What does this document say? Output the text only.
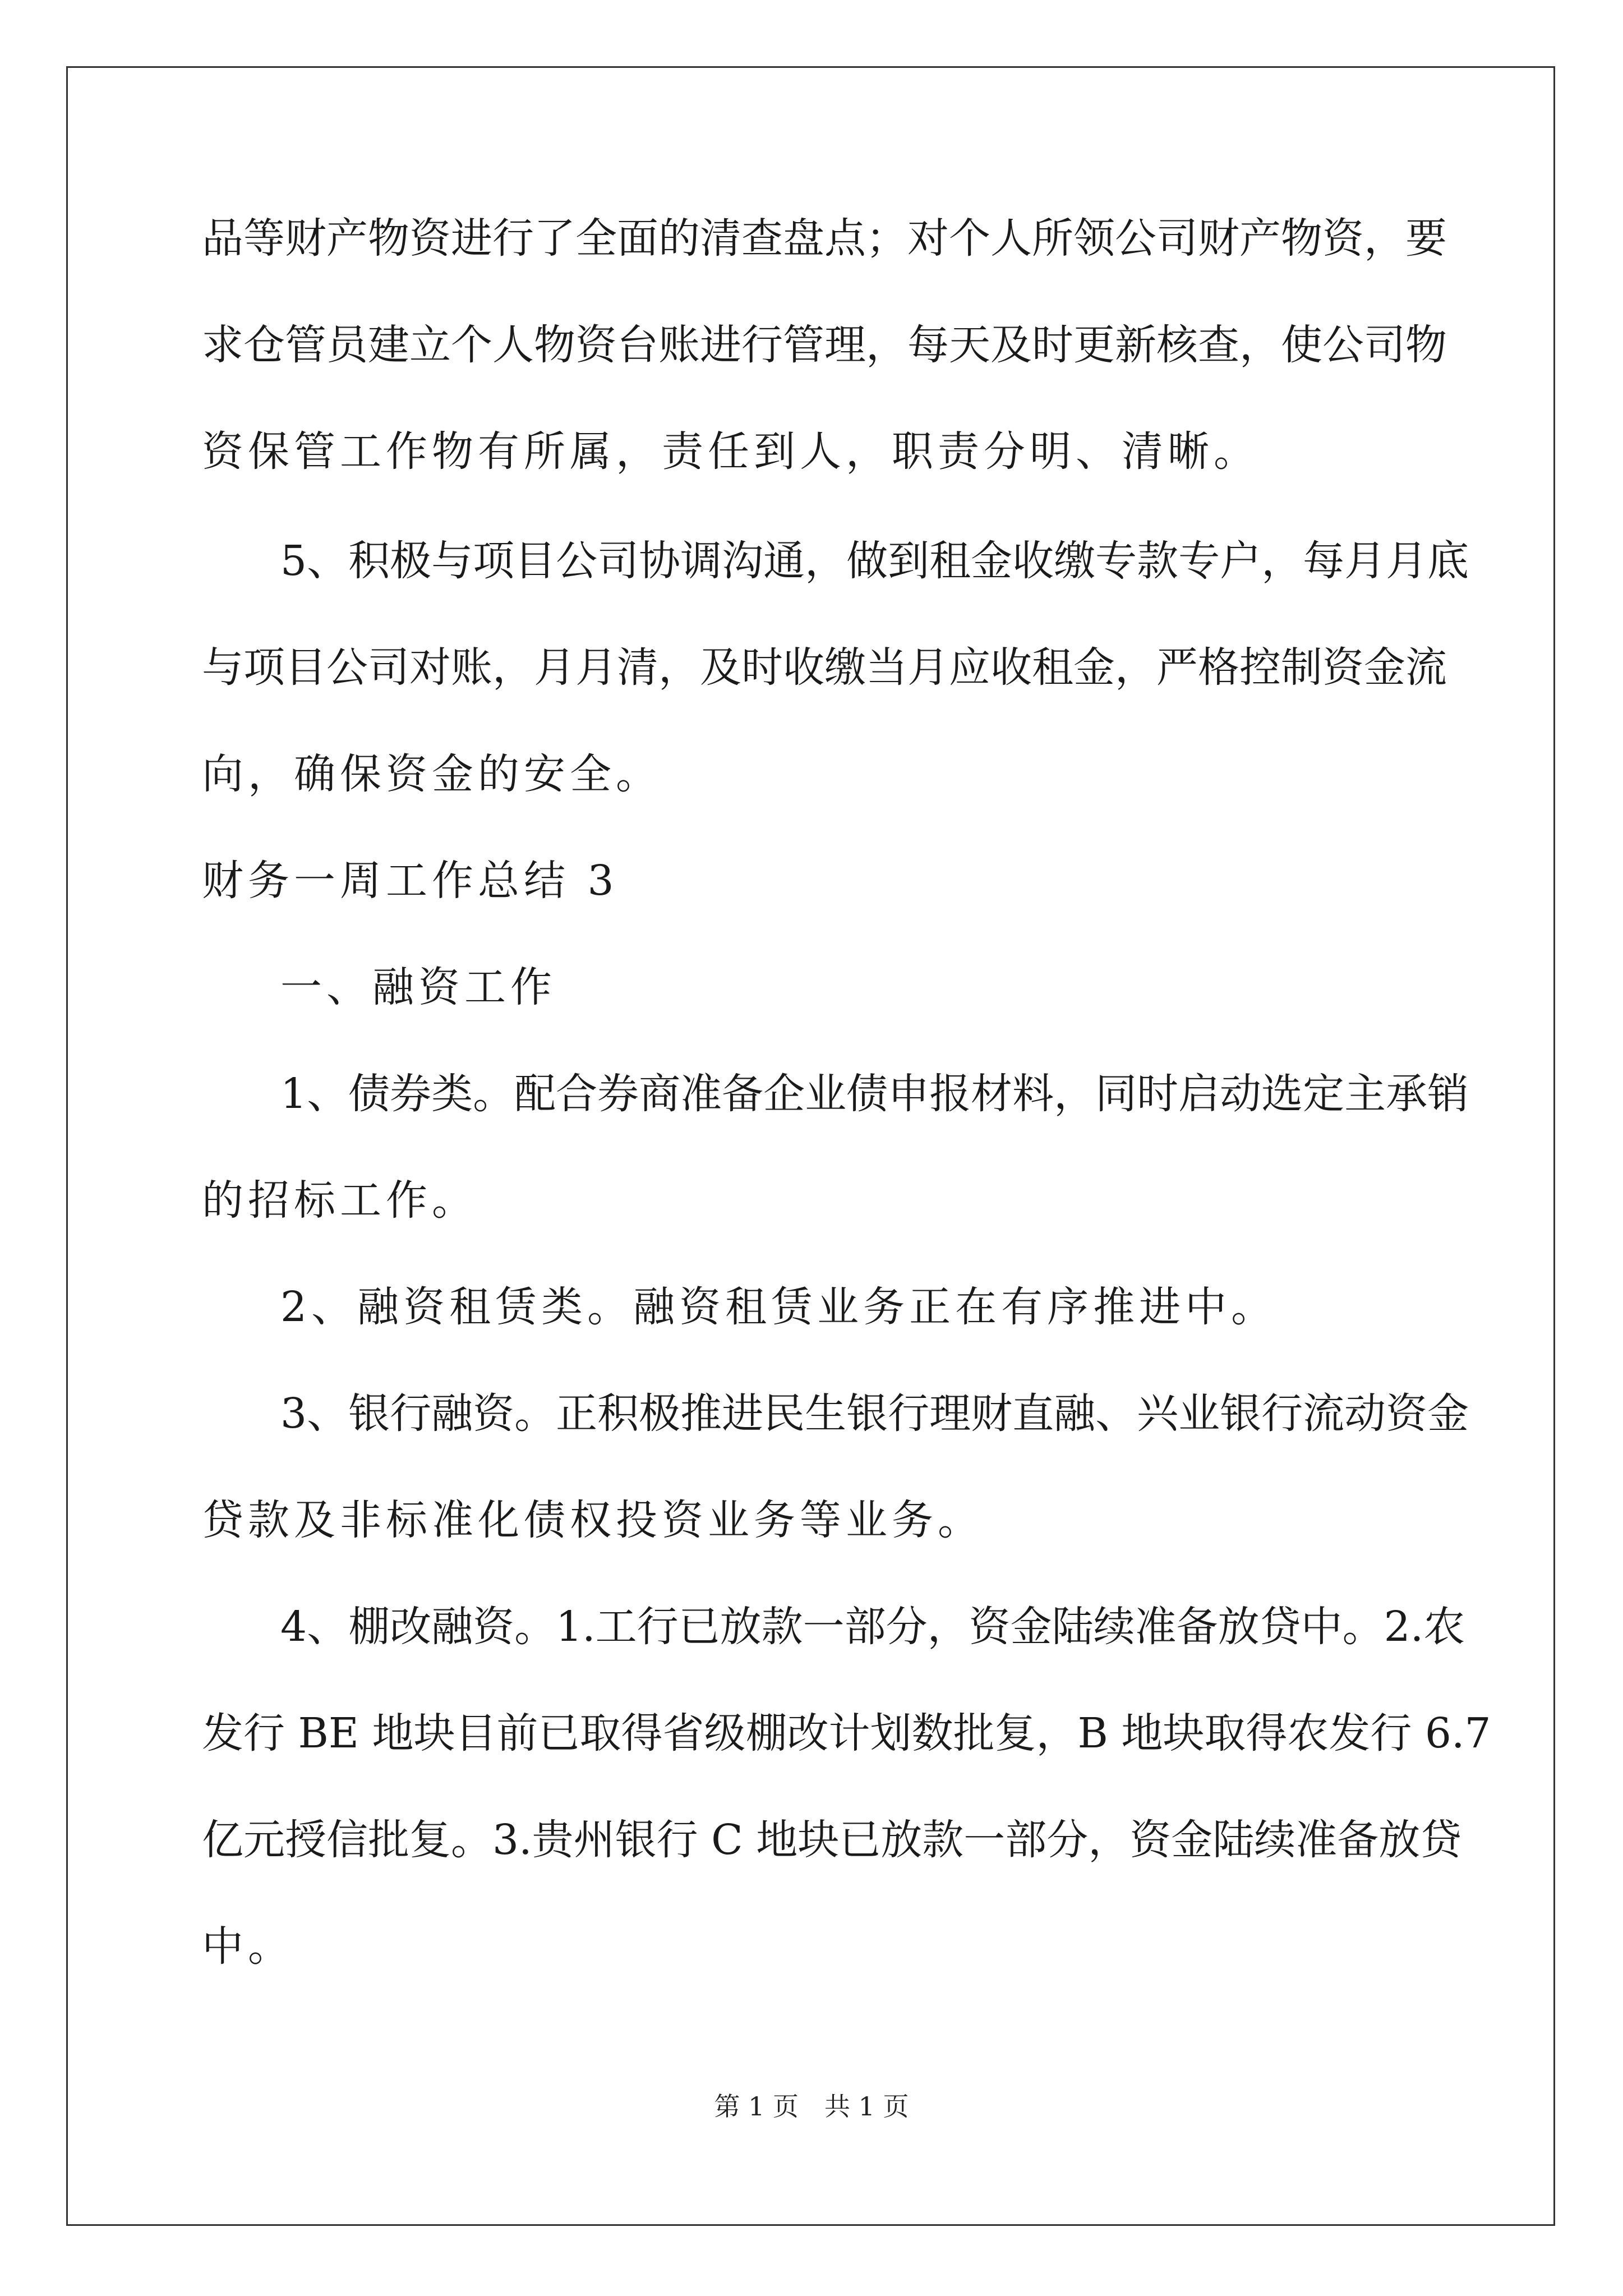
品等财产物资进行了全面的清查盘点；对个人所领公司财产物资，要
求仓管员建立个人物资台账进行管理，每天及时更新核查，使公司物
资保管工作物有所属，责任到人，职责分明、清晰。
5、积极与项目公司协调沟通，做到租金收缴专款专户，每月月底
与项目公司对账，月月清，及时收缴当月应收租金，严格控制资金流
向，确保资金的安全。
财务一周工作总结 3
一、融资工作
1、债券类。配合券商准备企业债申报材料，同时启动选定主承销
的招标工作。
2、融资租赁类。融资租赁业务正在有序推进中。
3、银行融资。正积极推进民生银行理财直融、兴业银行流动资金
贷款及非标准化债权投资业务等业务。
4、棚改融资。1.工行已放款一部分，资金陆续准备放贷中。2.农
发行 BE 地块目前已取得省级棚改计划数批复，B 地块取得农发行 6.7
亿元授信批复。3.贵州银行 C 地块已放款一部分，资金陆续准备放贷
中。
第 1 页　共 1 页
